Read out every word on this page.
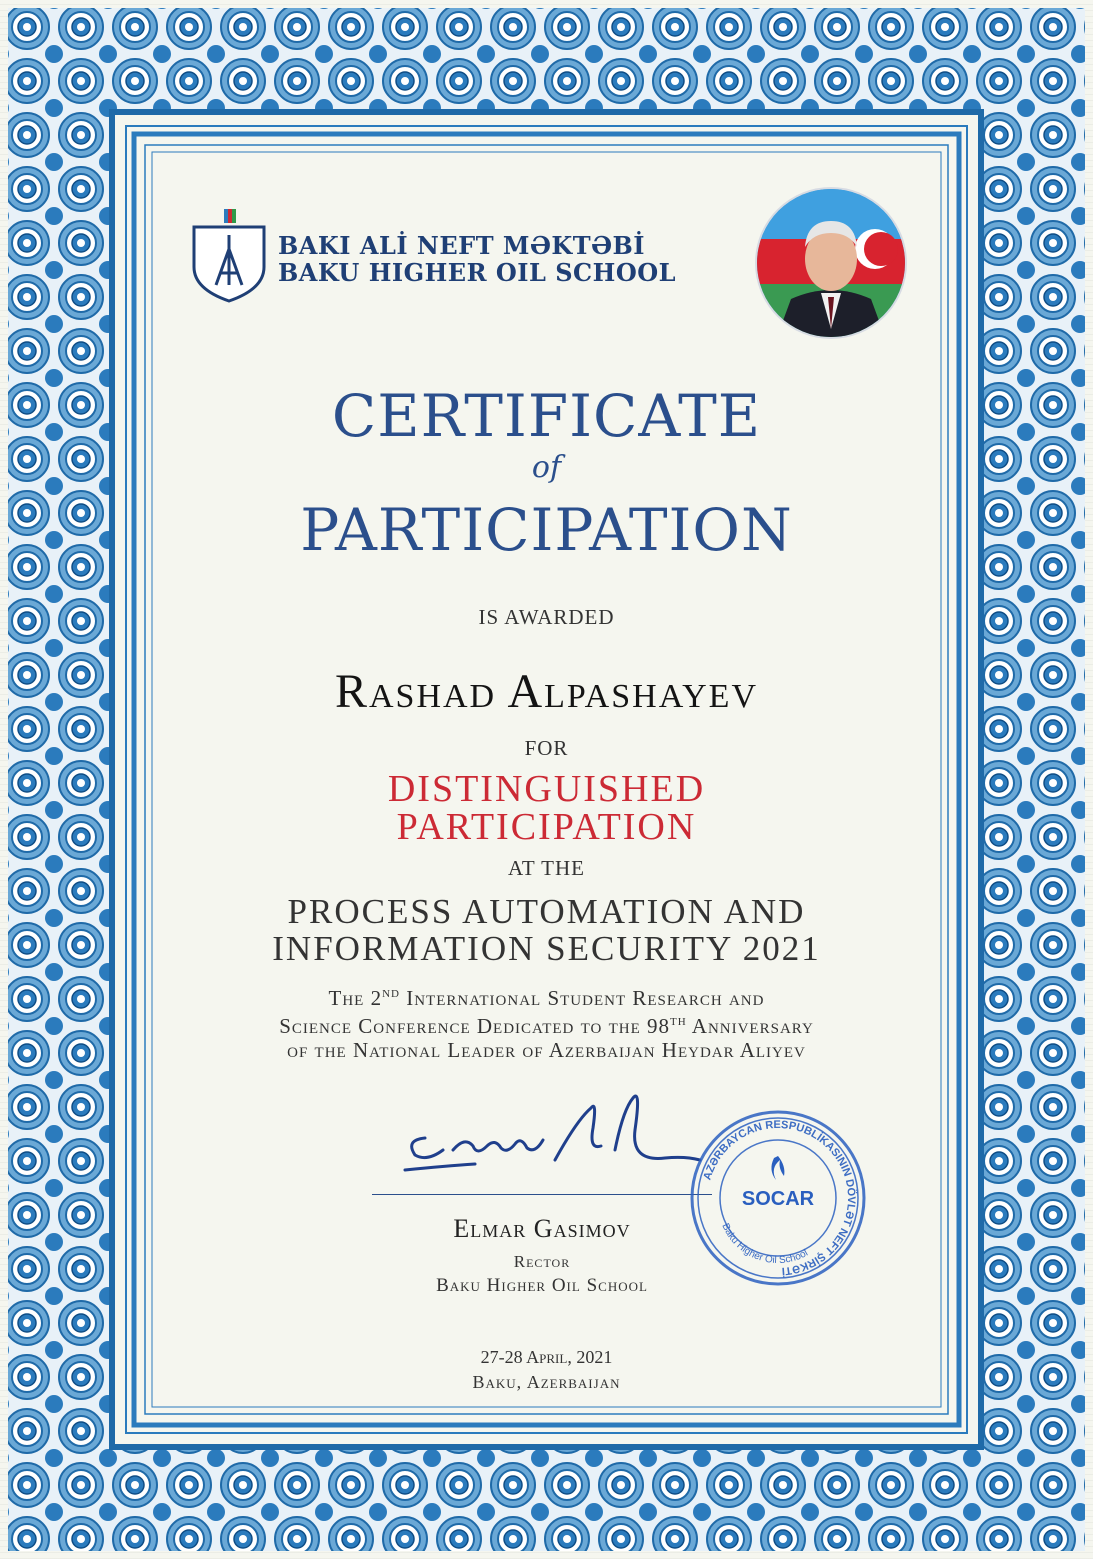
BAKI ALİ NEFT MƏKTƏBİ
BAKU HIGHER OIL SCHOOL
CERTIFICATE
of
PARTICIPATION
IS AWARDED
Rashad Alpashayev
FOR
DISTINGUISHED
PARTICIPATION
AT THE
PROCESS AUTOMATION AND
INFORMATION SECURITY 2021
The 2ND International Student Research and
Science Conference Dedicated to the 98TH Anniversary
of the National Leader of Azerbaijan Heydar Aliyev
Elmar Gasimov
Rector
Baku Higher Oil School
AZƏRBAYCAN RESPUBLİKASININ DÖVLƏT NEFT ŞİRKƏTİ
Baku Higher Oil School
SOCAR
27-28 April, 2021
Baku, Azerbaijan
